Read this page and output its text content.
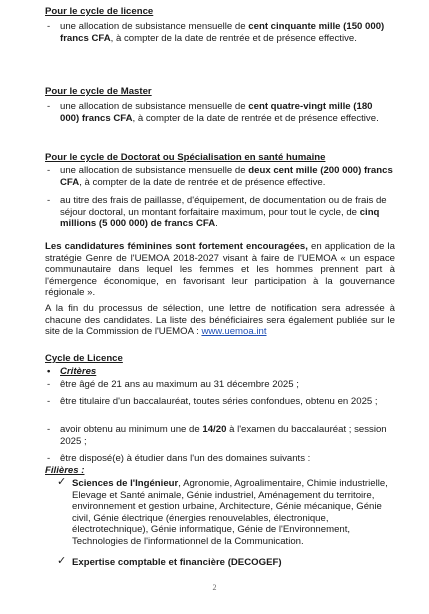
Pour le cycle de licence
- une allocation de subsistance mensuelle de cent cinquante mille (150 000) francs CFA, à compter de la date de rentrée et de présence effective.
Pour le cycle de Master
- une allocation de subsistance mensuelle de cent quatre-vingt mille (180 000) francs CFA, à compter de la date de rentrée et de présence effective.
Pour le cycle de Doctorat ou Spécialisation en santé humaine
- une allocation de subsistance mensuelle de deux cent mille (200 000) francs CFA, à compter de la date de rentrée et de présence effective.
- au titre des frais de paillasse, d'équipement, de documentation ou de frais de séjour doctoral, un montant forfaitaire maximum, pour tout le cycle, de cinq millions (5 000 000) de francs CFA.
Les candidatures féminines sont fortement encouragées, en application de la stratégie Genre de l'UEMOA 2018-2027 visant à faire de l'UEMOA « un espace communautaire dans lequel les femmes et les hommes prennent part à l'émergence économique, en favorisant leur participation à la gouvernance régionale ».
A la fin du processus de sélection, une lettre de notification sera adressée à chacune des candidates. La liste des bénéficiaires sera également publiée sur le site de la Commission de l'UEMOA : www.uemoa.int
Cycle de Licence
• Critères
- être âgé de 21 ans au maximum au 31 décembre 2025 ;
- être titulaire d'un baccalauréat, toutes séries confondues, obtenu en 2025 ;
- avoir obtenu au minimum une de 14/20 à l'examen du baccalauréat ; session 2025 ;
- être disposé(e) à étudier dans l'un des domaines suivants :
Filières :
✓ Sciences de l'Ingénieur, Agronomie, Agroalimentaire, Chimie industrielle, Elevage et Santé animale, Génie industriel, Aménagement du territoire, environnement et gestion urbaine, Architecture, Génie mécanique, Génie civil, Génie électrique (énergies renouvelables, électronique, électrotechnique), Génie informatique, Génie de l'Environnement, Technologies de l'informationnel de la Communication.
✓ Expertise comptable et financière (DECOGEF)
2
